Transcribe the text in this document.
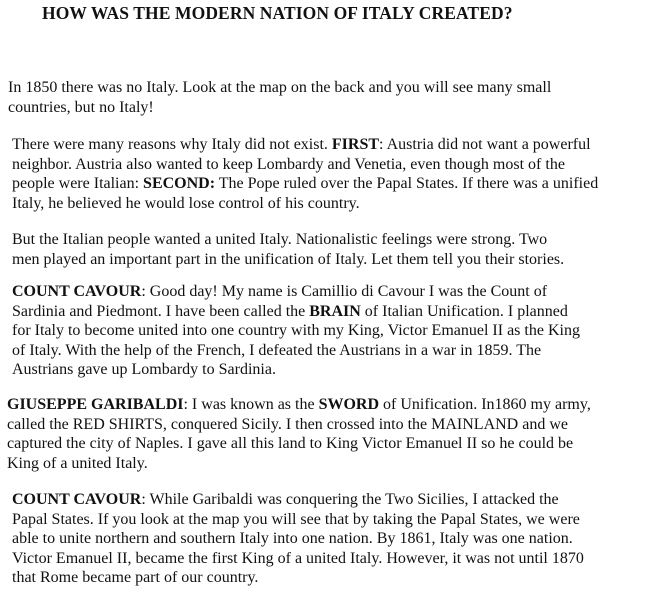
HOW WAS THE MODERN NATION OF ITALY CREATED?
In 1850 there was no Italy. Look at the map on the back and you will see many small
countries, but no Italy!
There were many reasons why Italy did not exist. FIRST: Austria did not want a powerful
neighbor. Austria also wanted to keep Lombardy and Venetia, even though most of the
people were Italian: SECOND: The Pope ruled over the Papal States. If there was a unified
Italy, he believed he would lose control of his country.
But the Italian people wanted a united Italy. Nationalistic feelings were strong. Two
men played an important part in the unification of Italy. Let them tell you their stories.
COUNT CAVOUR: Good day! My name is Camillio di Cavour I was the Count of
Sardinia and Piedmont. I have been called the BRAIN of Italian Unification. I planned
for Italy to become united into one country with my King, Victor Emanuel II as the King
of Italy. With the help of the French, I defeated the Austrians in a war in 1859. The
Austrians gave up Lombardy to Sardinia.
GIUSEPPE GARIBALDI: I was known as the SWORD of Unification. In1860 my army,
called the RED SHIRTS, conquered Sicily. I then crossed into the MAINLAND and we
captured the city of Naples. I gave all this land to King Victor Emanuel II so he could be
King of a united Italy.
COUNT CAVOUR: While Garibaldi was conquering the Two Sicilies, I attacked the
Papal States. If you look at the map you will see that by taking the Papal States, we were
able to unite northern and southern Italy into one nation. By 1861, Italy was one nation.
Victor Emanuel II, became the first King of a united Italy. However, it was not until 1870
that Rome became part of our country.
